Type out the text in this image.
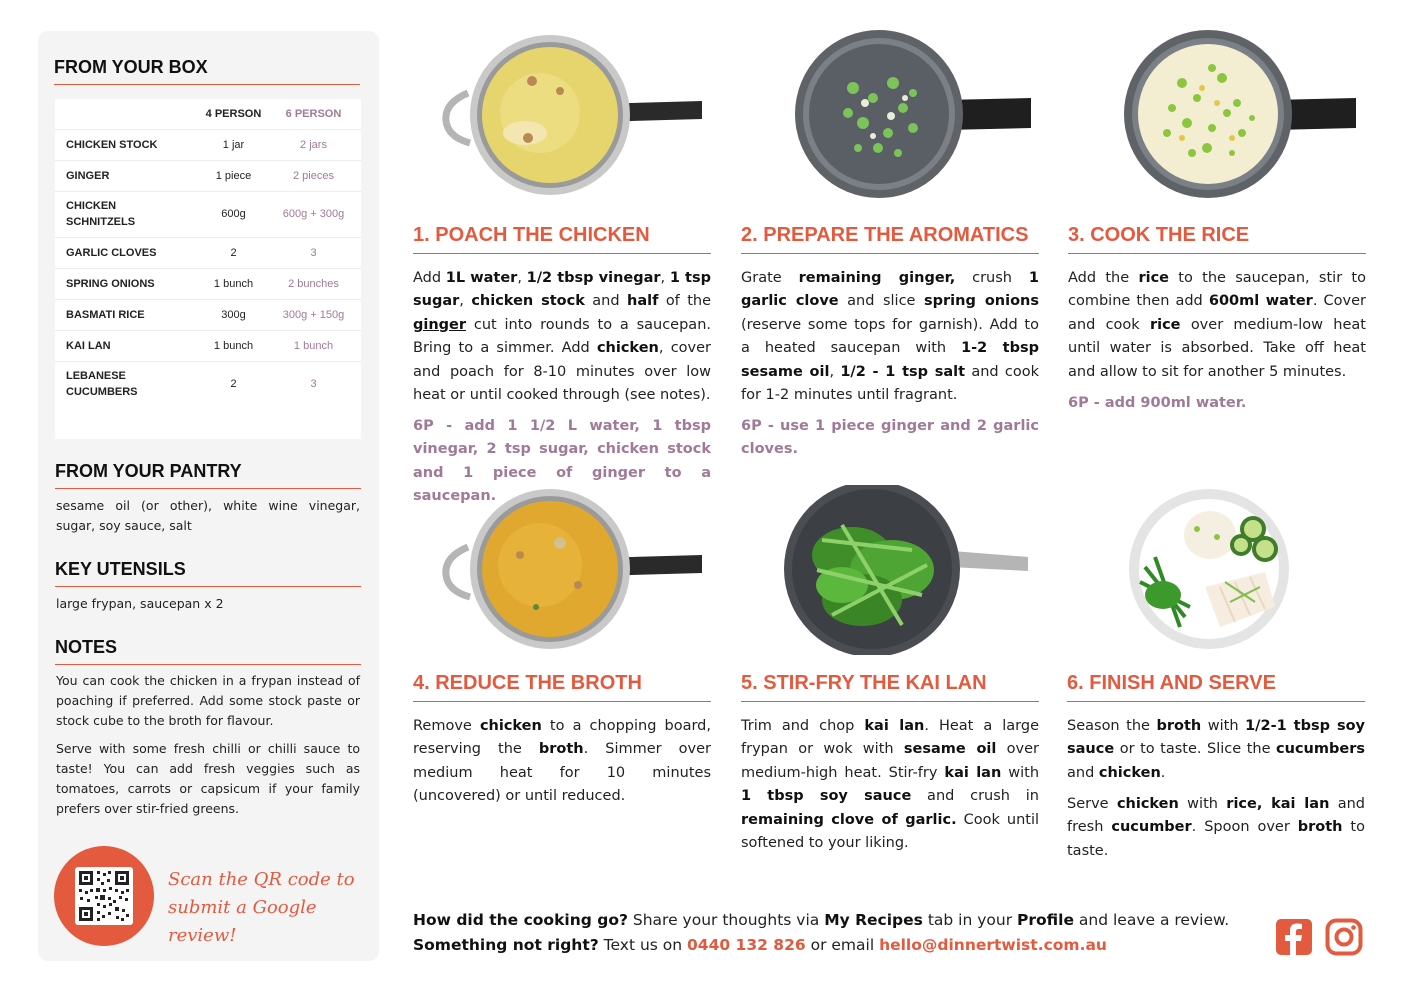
FROM YOUR BOX
	4 PERSON	6 PERSON
CHICKEN STOCK	1 jar	2 jars
GINGER	1 piece	2 pieces
CHICKEN SCHNITZELS	600g	600g + 300g
GARLIC CLOVES	2	3
SPRING ONIONS	1 bunch	2 bunches
BASMATI RICE	300g	300g + 150g
KAI LAN	1 bunch	1 bunch
LEBANESE CUCUMBERS	2	3
FROM YOUR PANTRY
sesame oil (or other), white wine vinegar, sugar, soy sauce, salt
KEY UTENSILS
large frypan, saucepan x 2
NOTES
You can cook the chicken in a frypan instead of poaching if preferred. Add some stock paste or stock cube to the broth for flavour.
Serve with some fresh chilli or chilli sauce to taste! You can add fresh veggies such as tomatoes, carrots or capsicum if your family prefers over stir-fried greens.
Scan the QR code to
submit a Google review!
1. POACH THE CHICKEN
Add 1L water, 1/2 tbsp vinegar, 1 tsp sugar, chicken stock and half of the ginger cut into rounds to a saucepan. Bring to a simmer. Add chicken, cover and poach for 8-10 minutes over low heat or until cooked through (see notes).
6P - add 1 1/2 L water, 1 tbsp vinegar, 2 tsp sugar, chicken stock and 1 piece of ginger to a saucepan.
2. PREPARE THE AROMATICS
Grate remaining ginger, crush 1 garlic clove and slice spring onions (reserve some tops for garnish). Add to a heated saucepan with 1-2 tbsp sesame oil, 1/2 - 1 tsp salt and cook for 1-2 minutes until fragrant.
6P - use 1 piece ginger and 2 garlic cloves.
3. COOK THE RICE
Add the rice to the saucepan, stir to combine then add 600ml water. Cover and cook rice over medium-low heat until water is absorbed. Take off heat and allow to sit for another 5 minutes.
6P - add 900ml water.
4. REDUCE THE BROTH
Remove chicken to a chopping board, reserving the broth. Simmer over medium heat for 10 minutes (uncovered) or until reduced.
5. STIR-FRY THE KAI LAN
Trim and chop kai lan. Heat a large frypan or wok with sesame oil over medium-high heat. Stir-fry kai lan with 1 tbsp soy sauce and crush in remaining clove of garlic. Cook until softened to your liking.
6. FINISH AND SERVE
Season the broth with 1/2-1 tbsp soy sauce or to taste. Slice the cucumbers and chicken.
Serve chicken with rice, kai lan and fresh cucumber. Spoon over broth to taste.
How did the cooking go? Share your thoughts via My Recipes tab in your Profile and leave a review.
Something not right? Text us on 0440 132 826 or email hello@dinnertwist.com.au
